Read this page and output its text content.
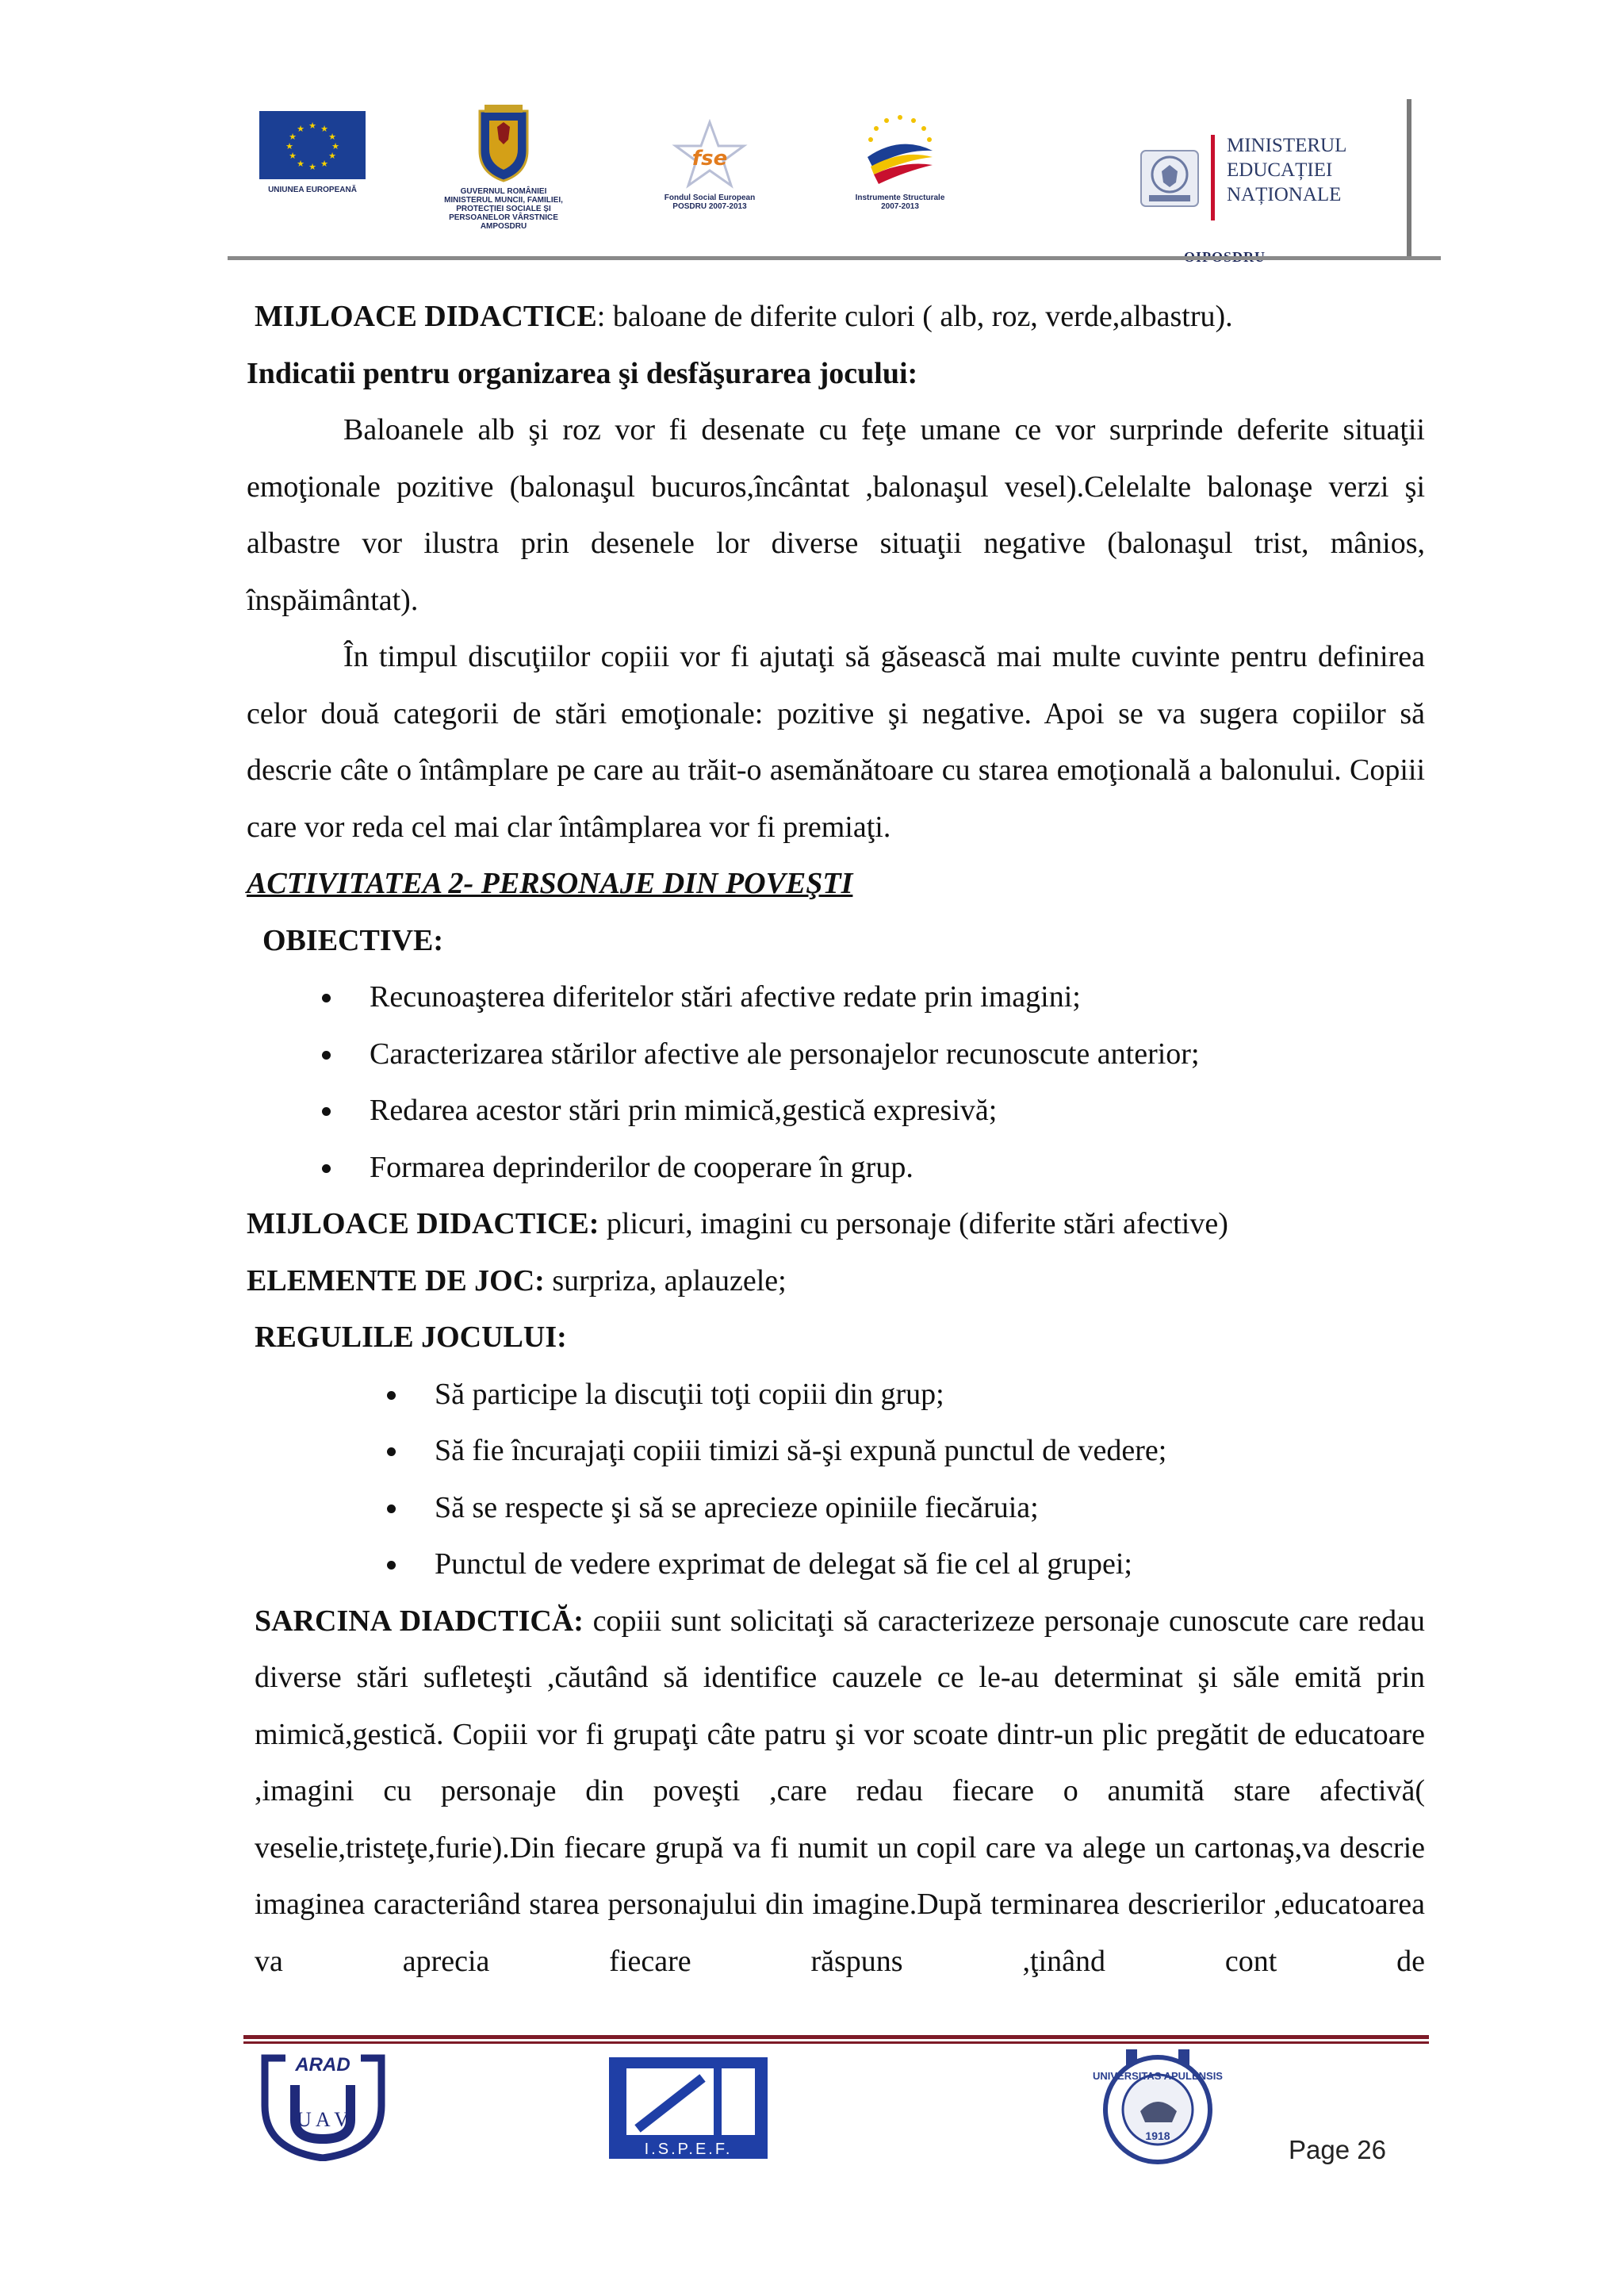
★ ★
★
★
★
★
★
★
★
★
★
★
UNIUNEA EUROPEANĂ	GUVERNUL ROMÂNIEI
MINISTERUL MUNCII, FAMILIEI,
PROTECȚIEI SOCIALE ȘI
PERSOANELOR VÂRSTNICE
AMPOSDRU
fse
Fondul Social European
POSDRU 2007-2013
Instrumente Structurale
2007-2013
MINISTERUL
EDUCAȚIEI
NAȚIONALE

MIJLOACE DIDACTICE: baloane de diferite culori ( alb, roz, verde,albastru).

Indicatii pentru organizarea şi desfăşurarea jocului:

Baloanele alb şi roz vor fi desenate cu feţe umane ce vor surprinde deferite situaţii emoţionale pozitive (balonaşul bucuros,încântat ,balonaşul vesel).Celelalte balonaşe verzi şi albastre vor ilustra prin desenele lor diverse situaţii negative (balonaşul trist, mânios, înspăimântat).

În timpul discuţiilor copiii vor fi ajutaţi să găsească mai multe cuvinte pentru definirea celor două categorii de stări emoţionale: pozitive şi negative. Apoi se va sugera copiilor să descrie câte o întâmplare pe care au trăit-o asemănătoare cu starea emoţională a balonului. Copiii care vor reda cel mai clar întâmplarea vor fi premiaţi.

ACTIVITATEA 2- PERSONAJE DIN POVEŞTI

OBIECTIVE:

Recunoaşterea diferitelor stări afective redate prin imagini;
Caracterizarea stărilor afective ale personajelor recunoscute anterior;
Redarea acestor stări prin mimică,gestică expresivă;
Formarea deprinderilor de cooperare în grup.

MIJLOACE DIDACTICE: plicuri, imagini cu personaje (diferite stări afective)

ELEMENTE DE JOC: surpriza, aplauzele;

REGULILE JOCULUI:

Să participe la discuţii toţi copiii din grup;
Să fie încurajaţi copiii timizi să-şi expună punctul de vedere;
Să se respecte şi să se aprecieze opiniile fiecăruia;
Punctul de vedere exprimat de delegat să fie cel al grupei;

SARCINA DIADCTICĂ: copiii sunt solicitaţi să caracterizeze personaje cunoscute care redau diverse stări sufleteşti ,căutând să identifice cauzele ce le-au determinat şi săle emită prin mimică,gestică. Copiii vor fi grupaţi câte patru şi vor scoate dintr-un plic pregătit de educatoare ,imagini cu personaje din poveşti ,care redau fiecare o anumită stare afectivă( veselie,tristeţe,furie).Din fiecare grupă va fi numit un copil care va alege un cartonaş,va descrie imaginea caracteriând starea personajului din imagine.După terminarea descrierilor ,educatoarea va aprecia fiecare răspuns ,ţinând cont de

ARAD
U A V
I.S.P.E.F.
UNIVERSITAS APULENSIS
1918	Page 26
